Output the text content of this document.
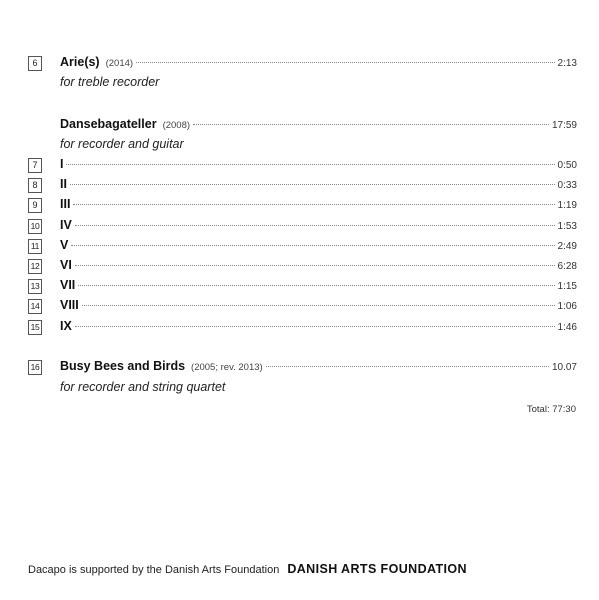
6	Arie(s) (2014)	2:13
for treble recorder
Dansebagateller (2008)	17:59
for recorder and guitar
7	I	0:50
8	II	0:33
9	III	1:19
10 IV	1:53
11 V	2:49
12 VI	6:28
13 VII	1:15
14 VIII	1:06
15 IX	1:46
16 Busy Bees and Birds (2005; rev. 2013)	10.07
for recorder and string quartet
Total: 77:30
Dacapo is supported by the Danish Arts Foundation DANISH ARTS FOUNDATION
